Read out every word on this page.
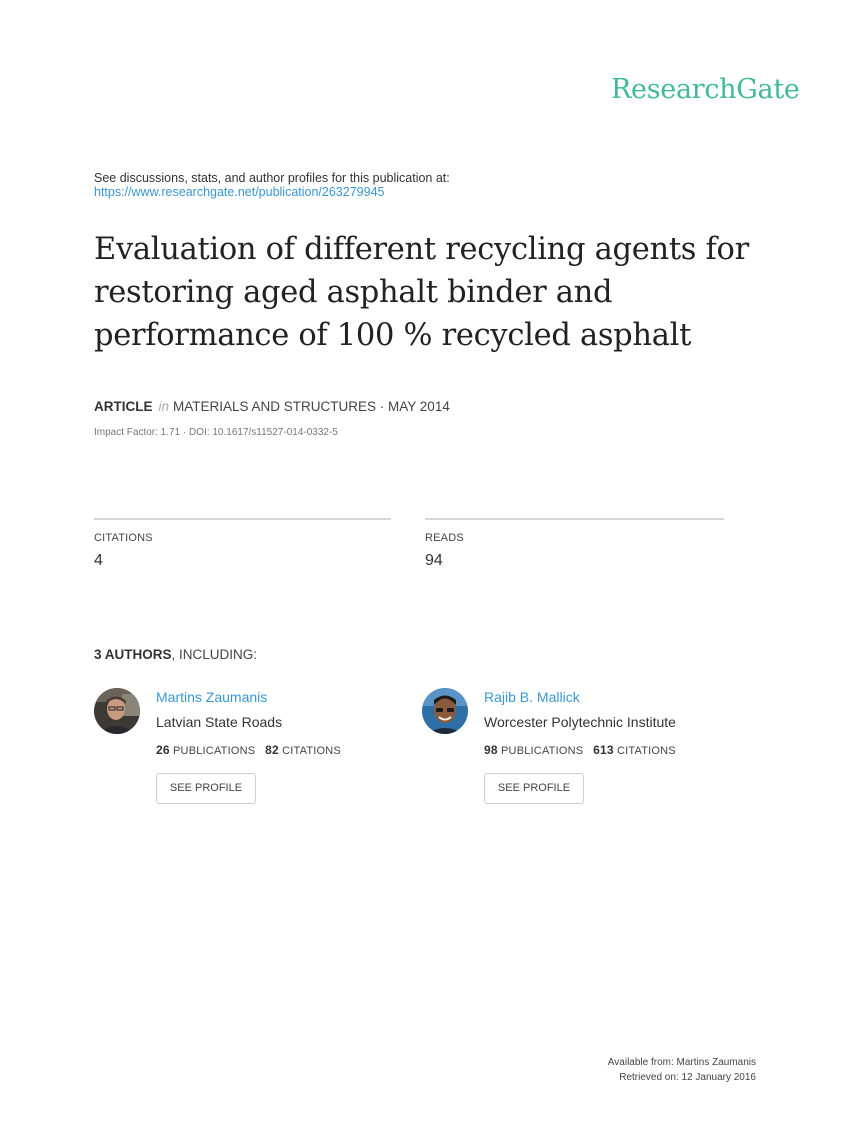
ResearchGate
See discussions, stats, and author profiles for this publication at:
https://www.researchgate.net/publication/263279945
Evaluation of different recycling agents for restoring aged asphalt binder and performance of 100 % recycled asphalt
ARTICLE in MATERIALS AND STRUCTURES · MAY 2014
Impact Factor: 1.71 · DOI: 10.1617/s11527-014-0332-5
CITATIONS
4
READS
94
3 AUTHORS, INCLUDING:
Martins Zaumanis
Latvian State Roads
26 PUBLICATIONS 82 CITATIONS
SEE PROFILE
Rajib B. Mallick
Worcester Polytechnic Institute
98 PUBLICATIONS 613 CITATIONS
SEE PROFILE
Available from: Martins Zaumanis
Retrieved on: 12 January 2016
